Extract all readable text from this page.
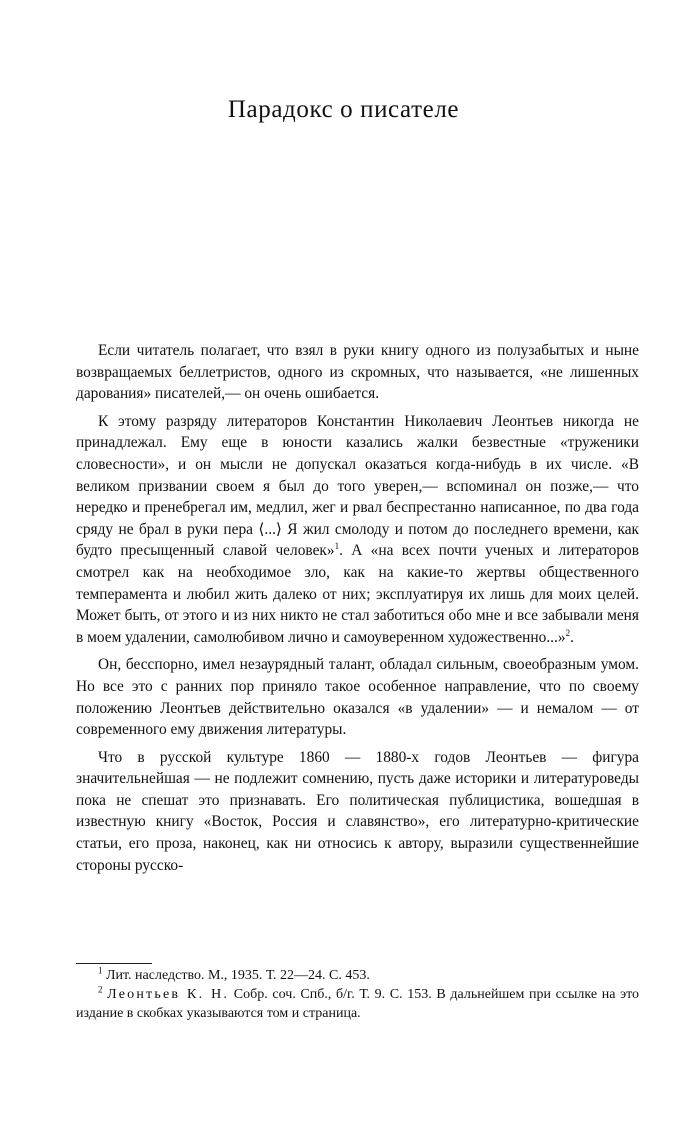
Парадокс о писателе

Если читатель полагает, что взял в руки книгу одного из полузабытых и ныне возвращаемых беллетристов, одного из скромных, что называется, «не лишенных дарования» писателей,— он очень ошибается.

К этому разряду литераторов Константин Николаевич Леонтьев никогда не принадлежал. Ему еще в юности казались жалки безвестные «труженики словесности», и он мысли не допускал оказаться когда-нибудь в их числе. «В великом призвании своем я был до того уверен,— вспоминал он позже,— что нередко и пренебрегал им, медлил, жег и рвал беспрестанно написанное, по два года сряду не брал в руки пера ⟨...⟩ Я жил смолоду и потом до последнего времени, как будто пресыщенный славой человек»$^1$. А «на всех почти ученых и литераторов смотрел как на необходимое зло, как на какие-то жертвы общественного темперамента и любил жить далеко от них; эксплуатируя их лишь для моих целей. Может быть, от этого и из них никто не стал заботиться обо мне и все забывали меня в моем удалении, самолюбивом лично и самоуверенном художественно...»$^2$.

Он, бесспорно, имел незаурядный талант, обладал сильным, своеобразным умом. Но все это с ранних пор приняло такое особенное направление, что по своему положению Леонтьев действительно оказался «в удалении» — и немалом — от современного ему движения литературы.

Что в русской культуре 1860 — 1880-х годов Леонтьев — фигура значительнейшая — не подлежит сомнению, пусть даже историки и литературоведы пока не спешат это признавать. Его политическая публицистика, вошедшая в известную книгу «Восток, Россия и славянство», его литературно-критические статьи, его проза, наконец, как ни относись к автору, выразили существеннейшие стороны русско-

$^1$ Лит. наследство. М., 1935. Т. 22—24. С. 453.

$^2$ Леонтьев К. Н. Собр. соч. Спб., б/г. Т. 9. С. 153. В дальнейшем при ссылке на это издание в скобках указываются том и страница.
